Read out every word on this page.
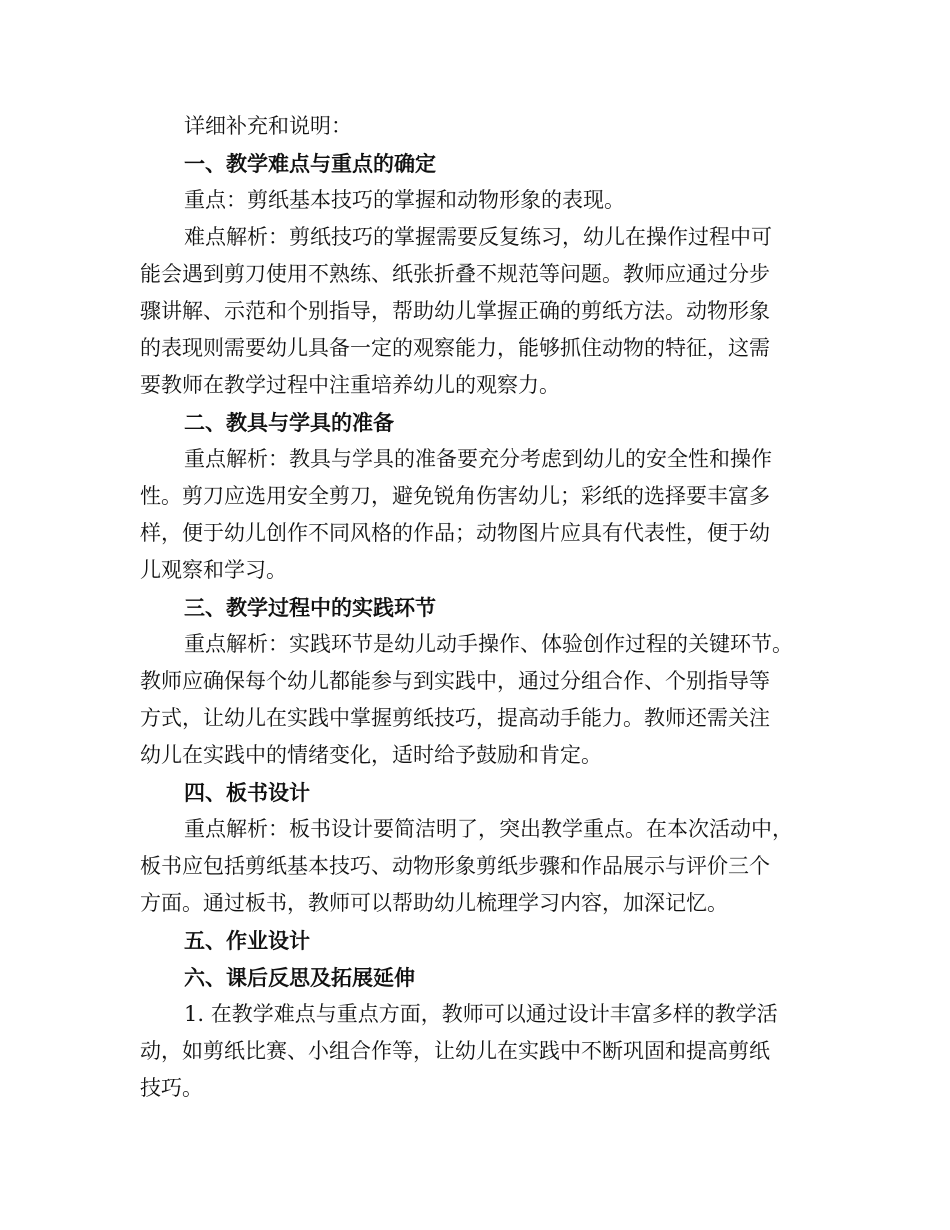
详细补充和说明：

一、教学难点与重点的确定

重点：剪纸基本技巧的掌握和动物形象的表现。

难点解析：剪纸技巧的掌握需要反复练习，幼儿在操作过程中可

能会遇到剪刀使用不熟练、纸张折叠不规范等问题。教师应通过分步

骤讲解、示范和个别指导，帮助幼儿掌握正确的剪纸方法。动物形象

的表现则需要幼儿具备一定的观察能力，能够抓住动物的特征，这需

要教师在教学过程中注重培养幼儿的观察力。

二、教具与学具的准备

重点解析：教具与学具的准备要充分考虑到幼儿的安全性和操作

性。剪刀应选用安全剪刀，避免锐角伤害幼儿；彩纸的选择要丰富多

样，便于幼儿创作不同风格的作品；动物图片应具有代表性，便于幼

儿观察和学习。

三、教学过程中的实践环节

重点解析：实践环节是幼儿动手操作、体验创作过程的关键环节。

教师应确保每个幼儿都能参与到实践中，通过分组合作、个别指导等

方式，让幼儿在实践中掌握剪纸技巧，提高动手能力。教师还需关注

幼儿在实践中的情绪变化，适时给予鼓励和肯定。

四、板书设计

重点解析：板书设计要简洁明了，突出教学重点。在本次活动中，

板书应包括剪纸基本技巧、动物形象剪纸步骤和作品展示与评价三个

方面。通过板书，教师可以帮助幼儿梳理学习内容，加深记忆。

五、作业设计

六、课后反思及拓展延伸

1. 在教学难点与重点方面，教师可以通过设计丰富多样的教学活

动，如剪纸比赛、小组合作等，让幼儿在实践中不断巩固和提高剪纸

技巧。
